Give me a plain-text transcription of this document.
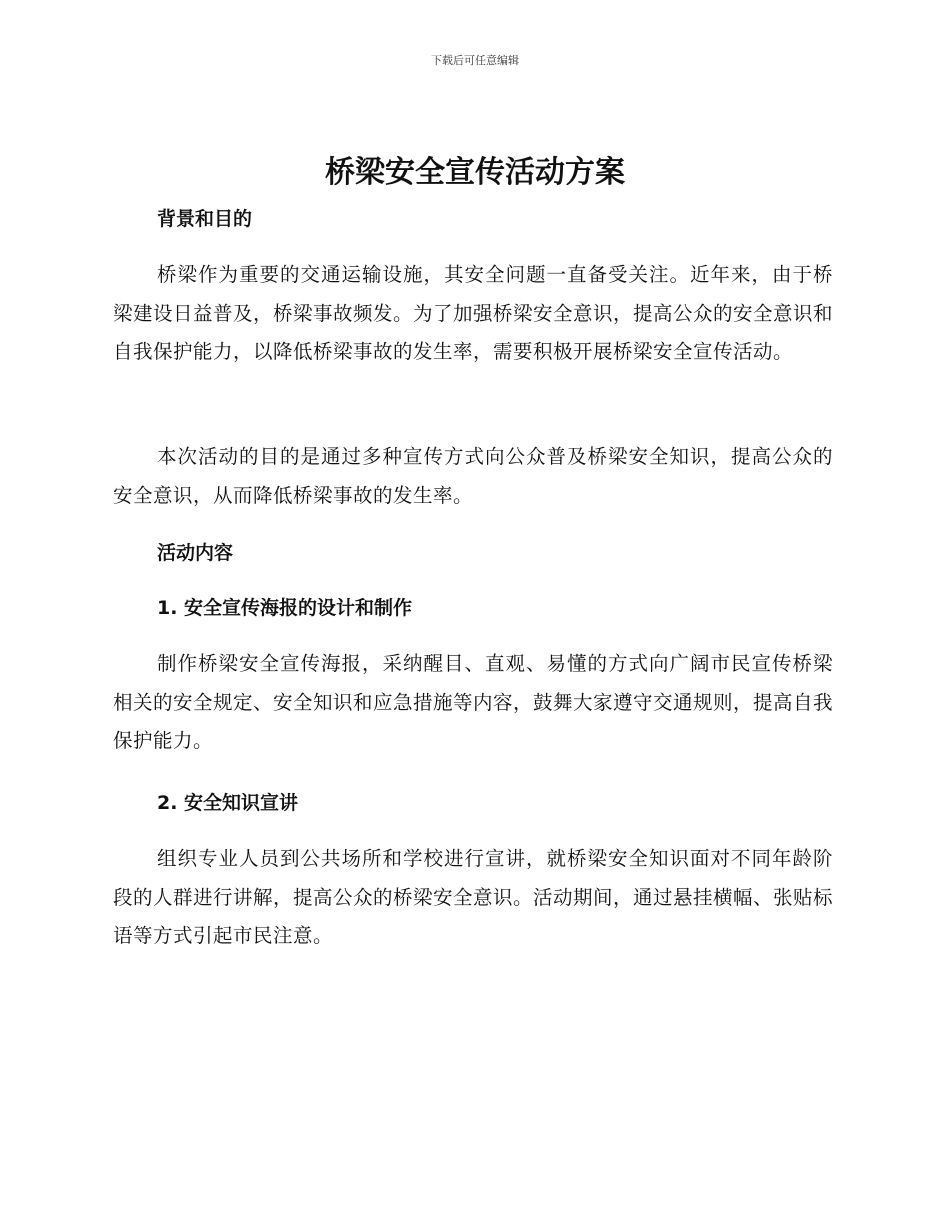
下载后可任意编辑
桥梁安全宣传活动方案
背景和目的

桥梁作为重要的交通运输设施，其安全问题一直备受关注。近年来，由于桥梁建设日益普及，桥梁事故频发。为了加强桥梁安全意识，提高公众的安全意识和自我保护能力，以降低桥梁事故的发生率，需要积极开展桥梁安全宣传活动。

本次活动的目的是通过多种宣传方式向公众普及桥梁安全知识，提高公众的安全意识，从而降低桥梁事故的发生率。

活动内容
1. 安全宣传海报的设计和制作

制作桥梁安全宣传海报，采纳醒目、直观、易懂的方式向广阔市民宣传桥梁相关的安全规定、安全知识和应急措施等内容，鼓舞大家遵守交通规则，提高自我保护能力。

2. 安全知识宣讲

组织专业人员到公共场所和学校进行宣讲，就桥梁安全知识面对不同年龄阶段的人群进行讲解，提高公众的桥梁安全意识。活动期间，通过悬挂横幅、张贴标语等方式引起市民注意。
